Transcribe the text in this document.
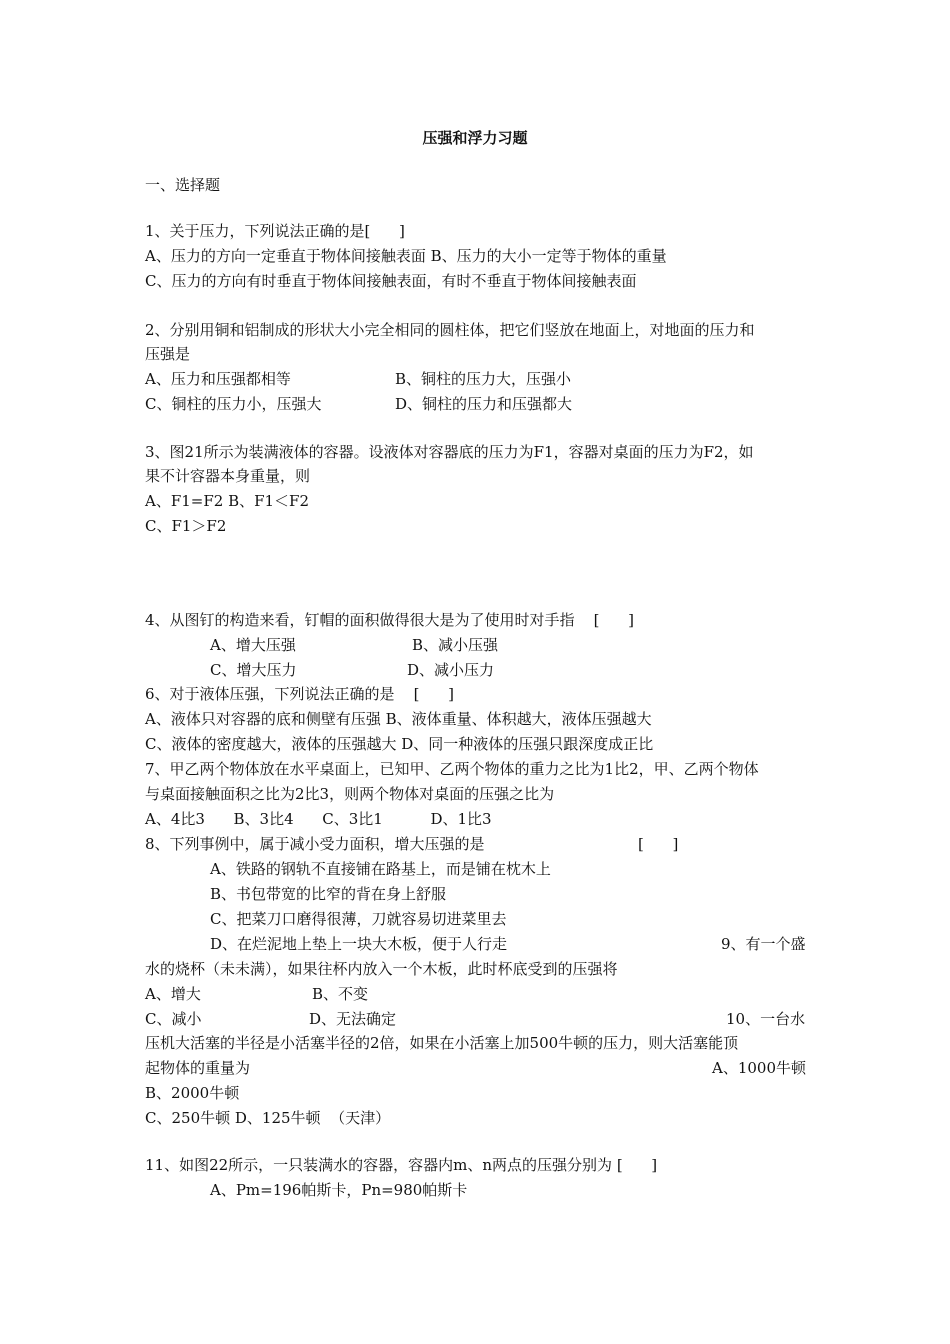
压强和浮力习题
一、选择题
1、关于压力，下列说法正确的是[      ]
A、压力的方向一定垂直于物体间接触表面 B、压力的大小一定等于物体的重量
C、压力的方向有时垂直于物体间接触表面，有时不垂直于物体间接触表面
2、分别用铜和铝制成的形状大小完全相同的圆柱体，把它们竖放在地面上，对地面的压力和
压强是
A、压力和压强都相等	B、铜柱的压力大，压强小
C、铜柱的压力小，压强大	D、铜柱的压力和压强都大
3、图21所示为装满液体的容器。设液体对容器底的压力为F1，容器对桌面的压力为F2，如
果不计容器本身重量，则
A、F1=F2 B、F1＜F2
C、F1＞F2
4、从图钉的构造来看，钉帽的面积做得很大是为了使用时对手指    [      ]
A、增大压强	B、减小压强
C、增大压力	D、减小压力
6、对于液体压强，下列说法正确的是    [      ]
A、液体只对容器的底和侧壁有压强 B、液体重量、体积越大，液体压强越大
C、液体的密度越大，液体的压强越大 D、同一种液体的压强只跟深度成正比
7、甲乙两个物体放在水平桌面上，已知甲、乙两个物体的重力之比为1比2，甲、乙两个物体
与桌面接触面积之比为2比3，则两个物体对桌面的压强之比为
A、4比3      B、3比4      C、3比1          D、1比3
8、下列事例中，属于减小受力面积，增大压强的是	[      ]
A、铁路的钢轨不直接铺在路基上，而是铺在枕木上
B、书包带宽的比窄的背在身上舒服
C、把菜刀口磨得很薄，刀就容易切进菜里去
D、在烂泥地上垫上一块大木板，便于人行走	9、有一个盛
水的烧杯（未未满），如果往杯内放入一个木板，此时杯底受到的压强将
A、增大	B、不变
C、减小	D、无法确定	10、一台水
压机大活塞的半径是小活塞半径的2倍，如果在小活塞上加500牛顿的压力，则大活塞能顶
起物体的重量为	A、1000牛顿
B、2000牛顿
C、250牛顿 D、125牛顿  （天津）
11、如图22所示，一只装满水的容器，容器内m、n两点的压强分别为 [      ]
A、Pm=196帕斯卡，Pn=980帕斯卡
